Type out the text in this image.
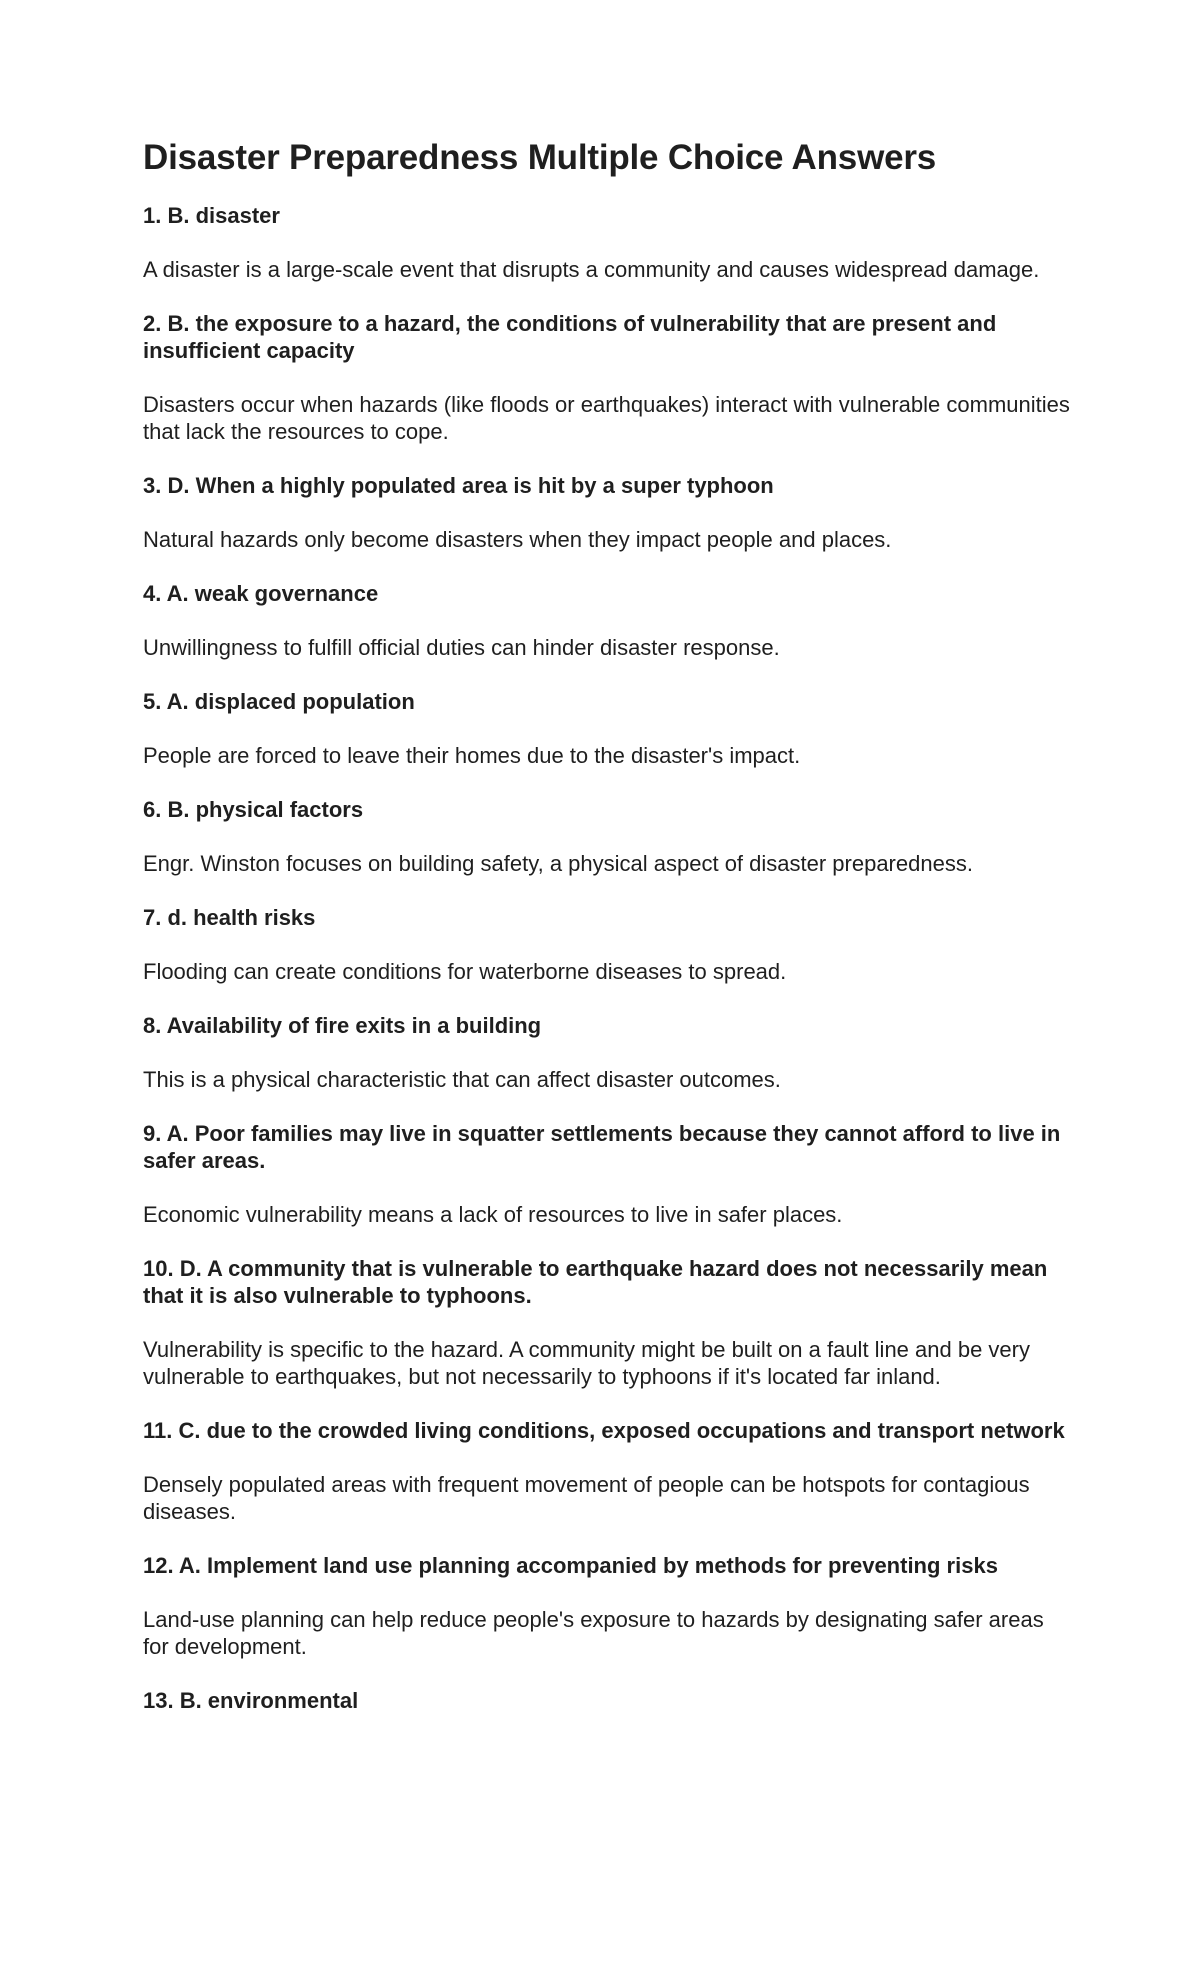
Disaster Preparedness Multiple Choice Answers

1. B. disaster

A disaster is a large-scale event that disrupts a community and causes widespread damage.

2. B. the exposure to a hazard, the conditions of vulnerability that are present and insufficient capacity

Disasters occur when hazards (like floods or earthquakes) interact with vulnerable communities that lack the resources to cope.

3. D. When a highly populated area is hit by a super typhoon

Natural hazards only become disasters when they impact people and places.

4. A. weak governance

Unwillingness to fulfill official duties can hinder disaster response.

5. A. displaced population

People are forced to leave their homes due to the disaster's impact.

6. B. physical factors

Engr. Winston focuses on building safety, a physical aspect of disaster preparedness.

7. d. health risks

Flooding can create conditions for waterborne diseases to spread.

8. Availability of fire exits in a building

This is a physical characteristic that can affect disaster outcomes.

9. A. Poor families may live in squatter settlements because they cannot afford to live in safer areas.

Economic vulnerability means a lack of resources to live in safer places.

10. D. A community that is vulnerable to earthquake hazard does not necessarily mean that it is also vulnerable to typhoons.

Vulnerability is specific to the hazard. A community might be built on a fault line and be very vulnerable to earthquakes, but not necessarily to typhoons if it's located far inland.

11. C. due to the crowded living conditions, exposed occupations and transport network

Densely populated areas with frequent movement of people can be hotspots for contagious diseases.

12. A. Implement land use planning accompanied by methods for preventing risks

Land-use planning can help reduce people's exposure to hazards by designating safer areas for development.

13. B. environmental
